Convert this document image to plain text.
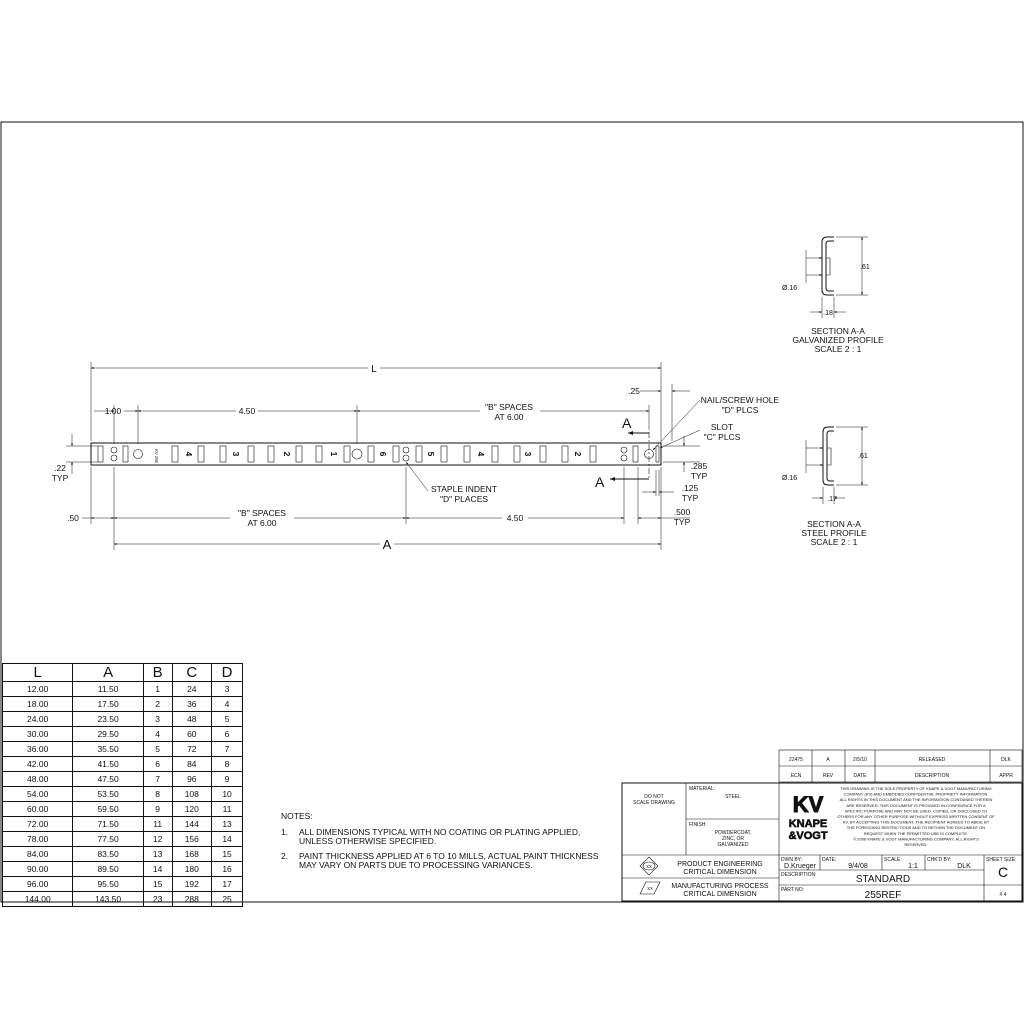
KV 255	4	3	2	1	6	5	4	3	2
A
A
L
1.00	4.50	"B" SPACES
AT 6.00
.25
.22
TYP
.50	"B" SPACES
AT 6.00	4.50
.500
TYP
A
.285
TYP
.125
TYP
NAIL/SCREW HOLE
"D" PLCS
SLOT
"C" PLCS
STAPLE INDENT
"D" PLACES
.61
Ø.16
.18
SECTION A-A
GALVANIZED PROFILE
SCALE 2 : 1
.61
Ø.16
.17
SECTION A-A
STEEL PROFILE
SCALE 2 : 1
NOTES:
1. ALL DIMENSIONS TYPICAL WITH NO COATING OR PLATING APPLIED,
UNLESS OTHERWISE SPECIFIED.
2. PAINT THICKNESS APPLIED AT 6 TO 10 MILLS, ACTUAL PAINT THICKNESS
MAY VARY ON PARTS DUE TO PROCESSING VARIANCES.
22475	A	2/5/10	RELEASED	DLK
ECN	REV	DATE	DESCRIPTION	APPR
DO NOT
SCALE DRAWING
MATERIAL:
STEEL
FINISH:
POWDERCOAT,
ZINC, OR
GALVANIZED
XX
XX
PRODUCT ENGINEERING
CRITICAL DIMENSION
MANUFACTURING PROCESS
CRITICAL DIMENSION
KV
KNAPE
&VOGT
THIS DRAWING IS THE SOLE PROPERTY OF KNAPE & VOGT MANUFACTURING
COMPANY (KV) AND EMBODIES CONFIDENTIAL PROPRIETY INFORMATION.
ALL RIGHTS IN THIS DOCUMENT AND THE INFORMATION CONTAINED THEREIN
ARE RESERVED. THIS DOCUMENT IS PROVIDED IN CONFIDENCE FOR A
SPECIFIC PURPOSE AND MAY NOT BE USED, COPIED, OR DISCLOSED TO
OTHERS FOR ANY OTHER PURPOSE WITHOUT EXPRESS WRITTEN CONSENT OF
KV. BY ACCEPTING THIS DOCUMENT, THE RECIPIENT AGREES TO ABIDE BY
THE FOREGOING RESTRICTIONS AND TO RETURN THE DOCUMENT ON
REQUEST WHEN THE PERMITTED USE IS COMPLETE.
© 2006 KNAPE & VOGT MANUFACTURING COMPANY. ALL RIGHTS
RESERVED.
DWN BY:
D.Krueger
DATE:
9/4/08
SCALE:
1:1
CHK'D BY:
DLK
SHEET SIZE:
C
DESCRIPTION:	STANDARD
PART NO:	255REF	# 4
L	A	B	C	D
12.00	11.50	1	24	3
18.00	17.50	2	36	4
24.00	23.50	3	48	5
30.00	29.50	4	60	6
36.00	35.50	5	72	7
42.00	41.50	6	84	8
48.00	47.50	7	96	9
54.00	53.50	8	108	10
60.00	59.50	9	120	11
72.00	71.50	11	144	13
78.00	77.50	12	156	14
84.00	83.50	13	168	15
90.00	89.50	14	180	16
96.00	95.50	15	192	17
144.00	143.50	23	288	25
